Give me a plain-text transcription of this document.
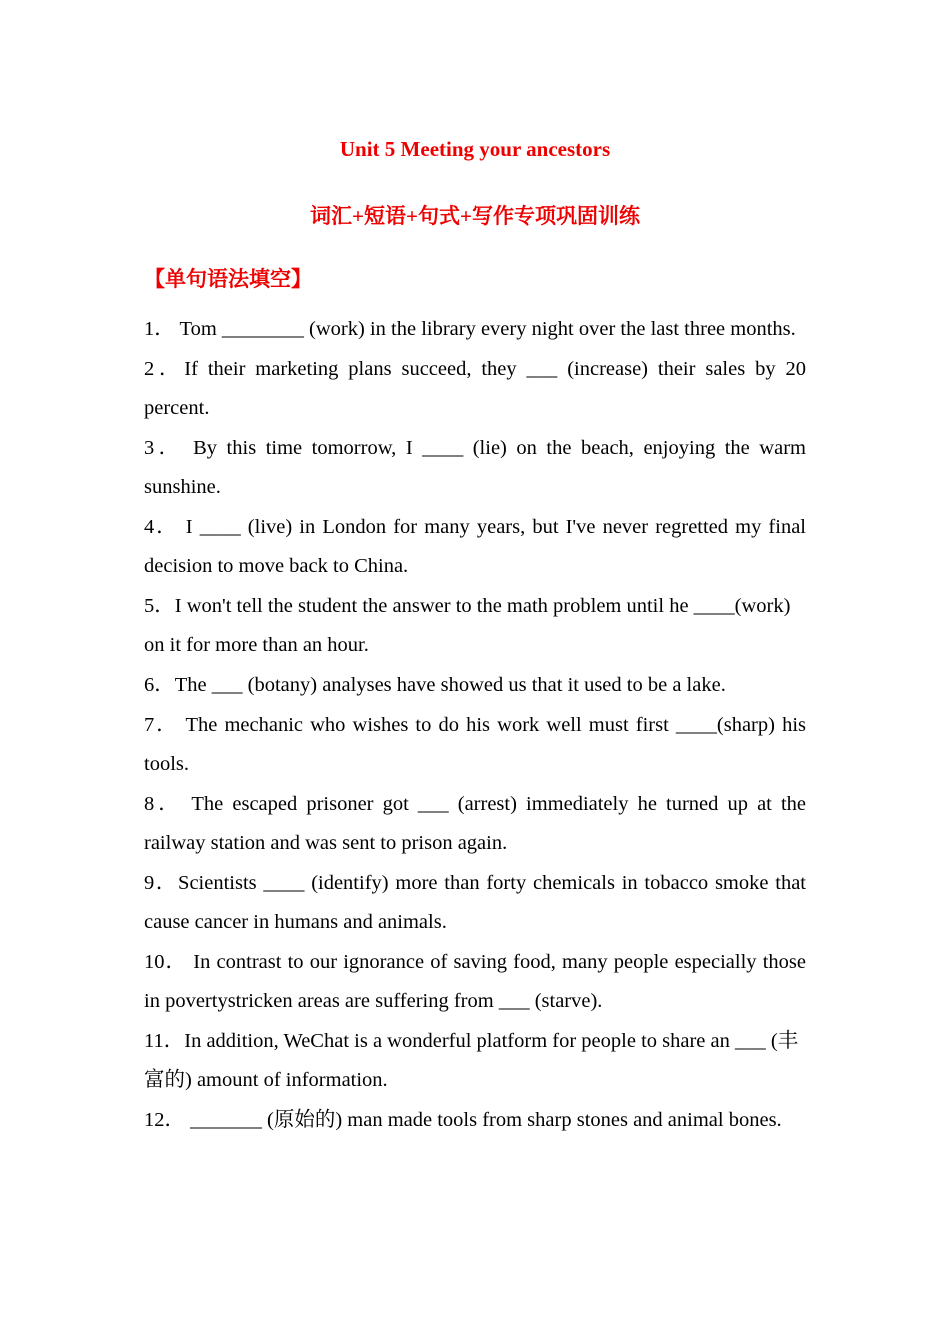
Unit 5 Meeting your ancestors
词汇+短语+句式+写作专项巩固训练
【单句语法填空】

1． Tom ________ (work) in the library every night over the last three months.

2．If their marketing plans succeed, they ___ (increase) their sales by 20 percent.

3． By this time tomorrow, I ____ (lie) on the beach, enjoying the warm sunshine.

4． I ____ (live) in London for many years, but I've never regretted my final decision to move back to China.

5．I won't tell the student the answer to the math problem until he ____(work) on it for more than an hour.

6．The ___ (botany) analyses have showed us that it used to be a lake.

7． The mechanic who wishes to do his work well must first ____(sharp) his tools.

8． The escaped prisoner got ___ (arrest) immediately he turned up at the railway station and was sent to prison again.

9．Scientists ____ (identify) more than forty chemicals in tobacco smoke that cause cancer in humans and animals.

10． In contrast to our ignorance of saving food, many people especially those in povertystricken areas are suffering from ___ (starve).

11．In addition, WeChat is a wonderful platform for people to share an ___ (丰富的) amount of information.

12． _______ (原始的) man made tools from sharp stones and animal bones.
